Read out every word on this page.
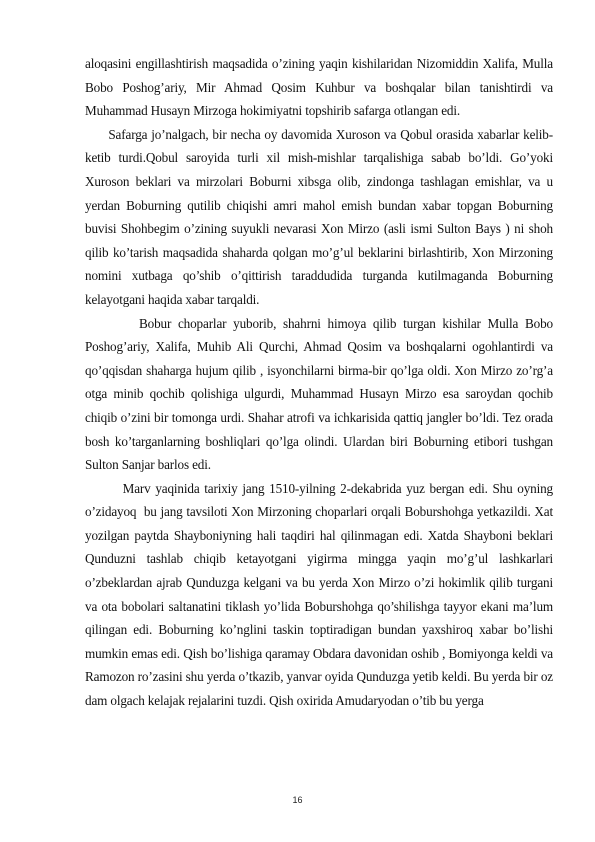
aloqasini engillashtirish maqsadida o’zining yaqin kishilaridan Nizomiddin Xalifa, Mulla Bobo Poshog’ariy, Mir Ahmad Qosim Kuhbur va boshqalar bilan tanishtirdi va Muhammad Husayn Mirzoga hokimiyatni topshirib safarga otlangan edi.

Safarga jo’nalgach, bir necha oy davomida Xuroson va Qobul orasida xabarlar kelib-ketib turdi.Qobul saroyida turli xil mish-mishlar tarqalishiga sabab bo’ldi. Go’yoki Xuroson beklari va mirzolari Boburni xibsga olib, zindonga tashlagan emishlar, va u yerdan Boburning qutilib chiqishi amri mahol emish bundan xabar topgan Boburning buvisi Shohbegim o’zining suyukli nevarasi Xon Mirzo (asli ismi Sulton Bays ) ni shoh qilib ko’tarish maqsadida shaharda qolgan mo’g’ul beklarini birlashtirib, Xon Mirzoning nomini xutbaga qo’shib o’qittirish taraddudida turganda kutilmaganda Boburning kelayotgani haqida xabar tarqaldi.

Bobur choparlar yuborib, shahrni himoya qilib turgan kishilar Mulla Bobo Poshog’ariy, Xalifa, Muhib Ali Qurchi, Ahmad Qosim va boshqalarni ogohlantirdi va qo’qqisdan shaharga hujum qilib , isyonchilarni birma-bir qo’lga oldi. Xon Mirzo zo’rg’a otga minib qochib qolishiga ulgurdi, Muhammad Husayn Mirzo esa saroydan qochib chiqib o’zini bir tomonga urdi. Shahar atrofi va ichkarisida qattiq jangler bo’ldi. Tez orada bosh ko’targanlarning boshliqlari qo’lga olindi. Ulardan biri Boburning etibori tushgan Sulton Sanjar barlos edi.

Marv yaqinida tarixiy jang 1510-yilning 2-dekabrida yuz bergan edi. Shu oyning o’zidayoq  bu jang tavsiloti Xon Mirzoning choparlari orqali Bobursho​hga yetkazildi. Xat yozilgan paytda Shayboniyning hali taqdiri hal qilinmagan edi. Xatda Shayboni beklari Qunduzni tashlab chiqib ketayotgani yigirma mingga yaqin mo’g’ul lashkarlari o’zbeklardan ajrab Qunduzga kelgani va bu yerda Xon Mirzo o’zi hokimlik qilib turgani va ota bobolari saltanatini tiklash yo’lida Bobursho​hga qo’shilishga tayyor ekani ma’lum qilingan edi. Boburning ko’nglini taskin toptiradigan bundan yaxshiroq xabar bo’lishi mumkin emas edi. Qish bo’lishiga qaramay Obdara davonidan oshib , Bomiyonga keldi va Ramozon ro’zasini shu yerda o’tkazib, yanvar oyida Qunduzga yetib keldi. Bu yerda bir oz dam olgach kelajak rejalarini tuzdi. Qish oxirida Amudaryodan o’tib bu yerga

16
